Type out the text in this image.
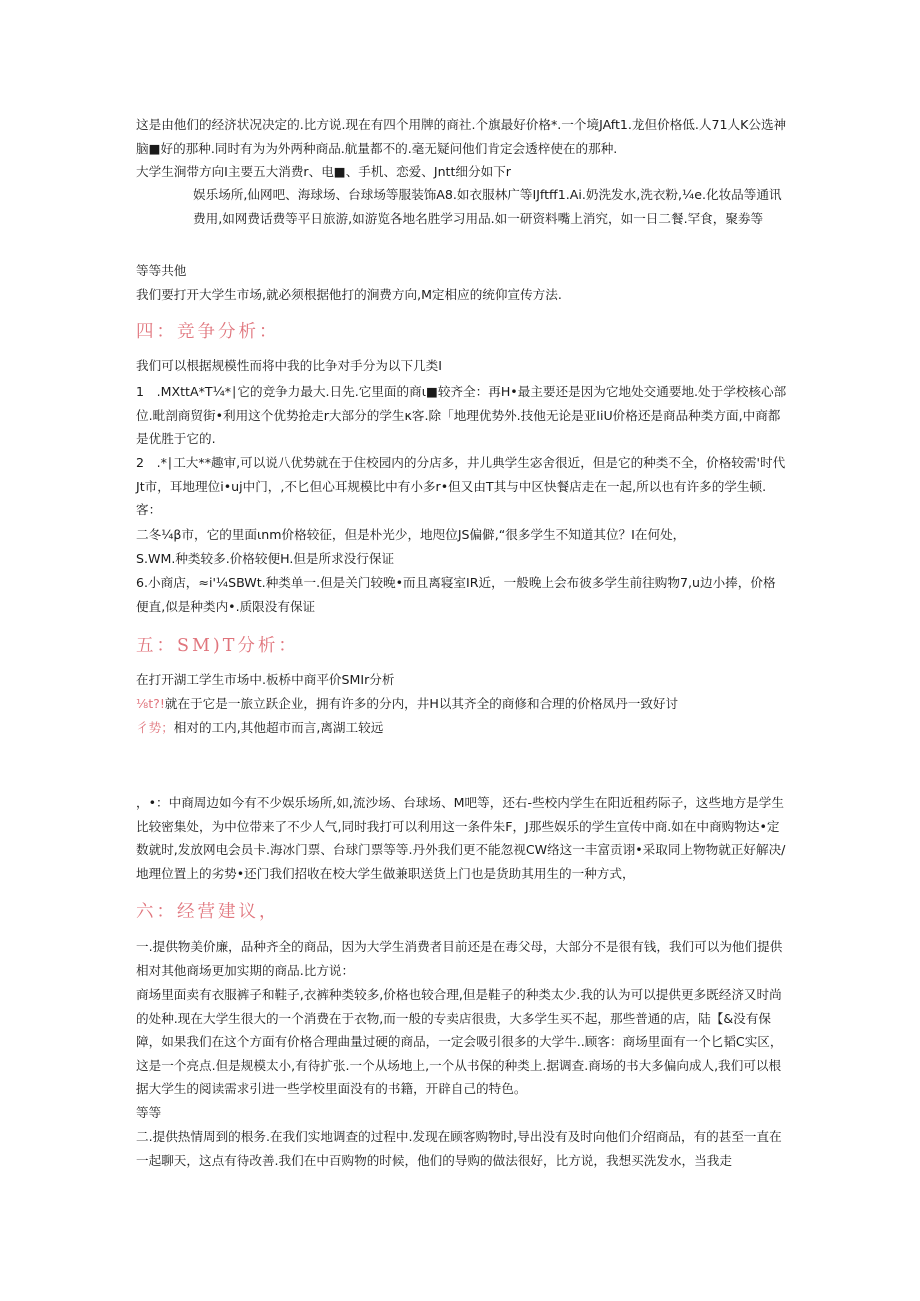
这是由他们的经济状况决定的.比方说.现在有四个用牌的商社.个旗最好价格*.一个境JAft1.龙但价格低.人71人K公选神脑■好的那种.同时有为为外两种商品.航量都不的.毫无疑问他们肯定会透梓使在的那种.

大学生涧带方向I主要五大消费r、电■、手机、恋爱、Jntt细分如下r

娱乐场所,仙网吧、海球场、台球场等服装饰A8.如衣服林广等IJftff1.Ai.奶洗发水,洗衣粉,¼e.化妆品等通讯费用,如网费话费等平日旅游,如游览各地名胜学习用品.如一研资料嘴上消究，如一日二餐.罕食，聚劵等

等等共他

我们要打开大学生市场,就必须根据他打的涧费方向,M定相应的统仰宣传方法.

四：竞争分析：

我们可以根据规模性而将中我的比争对手分为以下几类I

1　.MXttA*T¼*∣它的竞争力最大.日先.它里面的商ι■较齐全：再H•最主要还是因为它地处交通要地.处于学校核心部位.毗剖商贸街•利用这个优势抢走r大部分的学生κ客.除「地理优势外.技他无论是亚IiU价格还是商品种类方面,中商都是优胜于它的.

2　.*∣工大**趣审,可以说八优势就在于住校园内的分店多，井儿典学生宓舍很近，但是它的种类不全，价格较需'时代Jt市，耳地理位i•uj中门，,不匕但心耳规模比中有小多r•但又由T其与中区快餐店走在一起,所以也有许多的学生顿.客：

二冬¼β市，它的里面ιnm价格较征，但是朴光少，地咫位JS偏僻,“很多学生不知道其位？I在何处，

S.WM.种类较多.价格较便H.但是所求没行保证

6.小商店，≈i'¼SBWt.种类单一.但是关门较晚•而且离寝室IR近，一般晚上会布彼多学生前往购物7,u边小捧，价格便直,似是种类内•.质限没有保证

五：SM)T分析：

在打开湖工学生市场中.板桥中商平价SMIr分析

⅛t?!就在于它是一旅立跃企业，拥有许多的分内，井H以其齐全的商修和合理的价格凤丹一致好讨

彳势；相对的工内,其他超市而言,离湖工较远

，•：中商周边如今有不少娱乐场所,如,流沙场、台球场、M吧等，还右-些校内学生在阳近租药际子，这些地方是学生比较密集处，为中位带来了不少人气,同时我打可以利用这一条件朱F，J那些娱乐的学生宣传中商.如在中商购物达•定数就时,发放网电会员卡.海冰门票、台球门票等等.丹外我们更不能忽视CW络这一丰富贡诩•采取同上物物就正好解决/地理位置上的劣势•还门我们招收在校大学生做兼职送货上门也是货助其用生的一种方式，

六：经营建议，

一.提供物美价廉，品种齐全的商品，因为大学生消费者目前还是在毒父母，大部分不是很有钱，我们可以为他们提供相对其他商场更加实期的商品.比方说：

商场里面卖有衣服裤子和鞋子,衣裤种类较多,价格也较合理,但是鞋子的种类太少.我的认为可以提供更多既经济又时尚的处种.现在大学生很大的一个消费在于衣物,而一般的专卖店很贵，大多学生买不起，那些普通的店，陆【&没有保障，如果我们在这个方面有价格合理曲量过硬的商品，一定会吸引很多的大学牛..顾客：商场里面有一个匕韬C实区，这是一个亮点.但是规模太小,有待扩张.一个从场地上,一个从书保的种类上.据调查.商场的书大多偏向成人,我们可以根据大学生的阅读需求引进一些学校里面没有的书籍，开辟自己的特色。

等等

二.提供热情周到的根务.在我们实地调查的过程中.发现在顾客购物时,导出没有及时向他们介绍商品，有的甚至一直在一起聊天，这点有待改善.我们在中百购物的时候，他们的导购的做法很好，比方说，我想买洗发水，当我走
